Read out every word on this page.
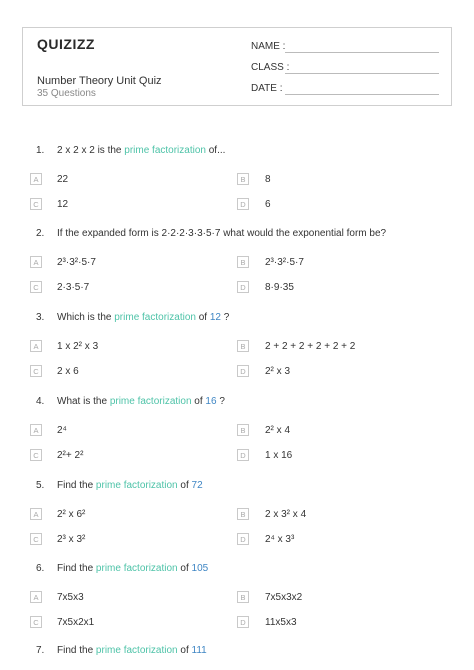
QUIZIZZ
Number Theory Unit Quiz
35 Questions
NAME :
CLASS :
DATE :
1. 2 x 2 x 2 is the prime factorization of...
A	22	B	8
C	12	D	6
2. If the expanded form is 2·2·2·3·3·5·7 what would the exponential form be?
A	2³·3²·5·7	B	2³·3²·5·7
C	2·3·5·7	D	8·9·35
3. Which is the prime factorization of 12 ?
A	1 x 2² x 3	B	2 + 2 + 2 + 2 + 2 + 2
C	2 x 6	D	2² x 3
4. What is the prime factorization of 16 ?
A	2⁴	B	2² x 4
C	2²+ 2²	D	1 x 16
5. Find the prime factorization of 72
A	2² x 6²	B	2 x 3² x 4
C	2³ x 3²	D	2⁴ x 3³
6. Find the prime factorization of 105
A	7x5x3	B	7x5x3x2
C	7x5x2x1	D	11x5x3
7. Find the prime factorization of 111
